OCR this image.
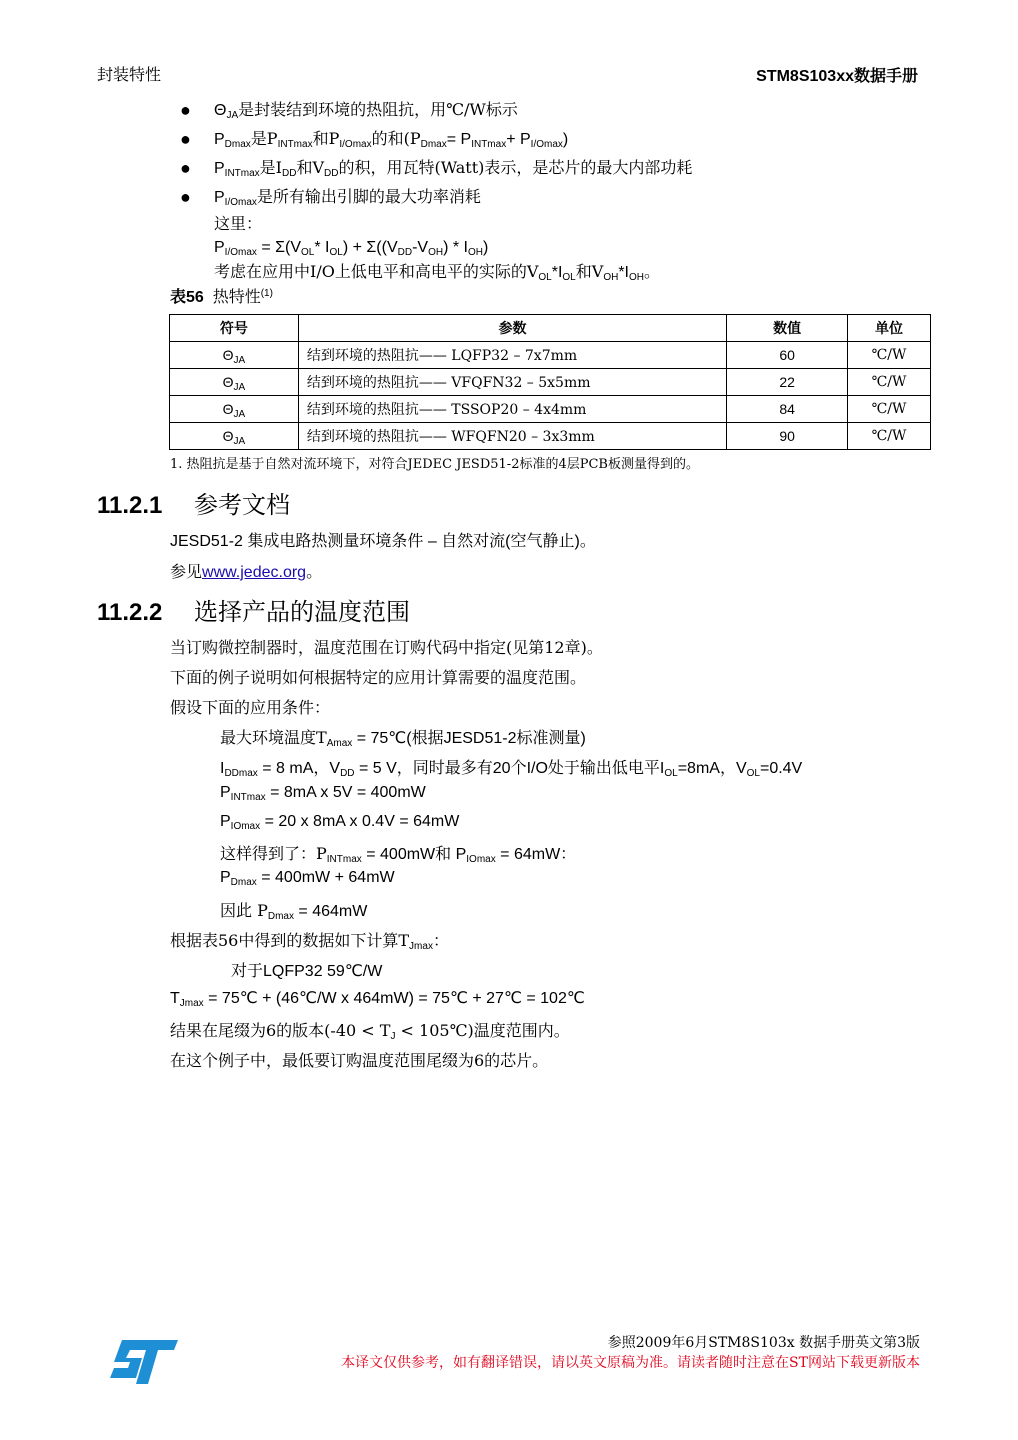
封装特性	STM8S103xx数据手册
● $\Theta_{JA}$是封装结到环境的热阻抗，用℃/W标示
● $P_{Dmax}$是$P_{INTmax}$和$P_{I/Omax}$的和$(P_{Dmax}= P_{INTmax}+ P_{I/Omax})$
● $P_{INTmax}$是$I_{DD}$和$V_{DD}$的积，用瓦特(Watt)表示，是芯片的最大内部功耗
● $P_{I/Omax}$是所有输出引脚的最大功率消耗
这里：
$P_{I/Omax} = \Sigma(V_{OL}*$ $I_{OL}) + \Sigma((V_{DD}-V_{OH}) * I_{OH})$
考虑在应用中I/O上低电平和高电平的实际的$V_{OL}*I_{OL}$和$V_{OH}*I_{OH}$。
表56 热特性$^{(1)}$
符号	参数	数值	单位
$\Theta_{JA}$	结到环境的热阻抗—— LQFP32 – 7x7mm	60	℃/W
$\Theta_{JA}$	结到环境的热阻抗—— VFQFN32 – 5x5mm	22	℃/W
$\Theta_{JA}$	结到环境的热阻抗—— TSSOP20 – 4x4mm	84	℃/W
$\Theta_{JA}$	结到环境的热阻抗—— WFQFN20 – 3x3mm	90	℃/W
1. 热阻抗是基于自然对流环境下，对符合JEDEC JESD51-2标准的4层PCB板测量得到的。
11.2.1 参考文档
JESD51-2 集成电路热测量环境条件 – 自然对流(空气静止)。
参见www.jedec.org。
11.2.2 选择产品的温度范围
当订购微控制器时，温度范围在订购代码中指定(见第12章)。
下面的例子说明如何根据特定的应用计算需要的温度范围。
假设下面的应用条件：
最大环境温度$T_{Amax}$ = 75℃(根据JESD51-2标准测量)
$I_{DDmax} = 8$ mA，$V_{DD} = 5$ V，同时最多有20个I/O处于输出低电平$I_{OL}=8mA$，$V_{OL}=0.4V$
$P_{INTmax} = 8mA$ x 5V = 400mW
$P_{IOmax} = 20$ x 8mA x 0.4V = 64mW
这样得到了：$P_{INTmax} = 400mW$和 $P_{IOmax} = 64mW$：
$P_{Dmax} = 400mW + 64mW$
因此 $P_{Dmax} = 464mW$
根据表56中得到的数据如下计算$T_{Jmax}$：
对于LQFP32 59℃/W
$T_{Jmax}$ = 75℃ + (46℃/W x 464mW) = 75℃ + 27℃ = 102℃
结果在尾缀为6的版本($-40 < T_J$ < 105℃)温度范围内。
在这个例子中，最低要订购温度范围尾缀为6的芯片。
参照2009年6月STM8S103x 数据手册英文第3版
本译文仅供参考，如有翻译错误，请以英文原稿为准。请读者随时注意在ST网站下载更新版本
